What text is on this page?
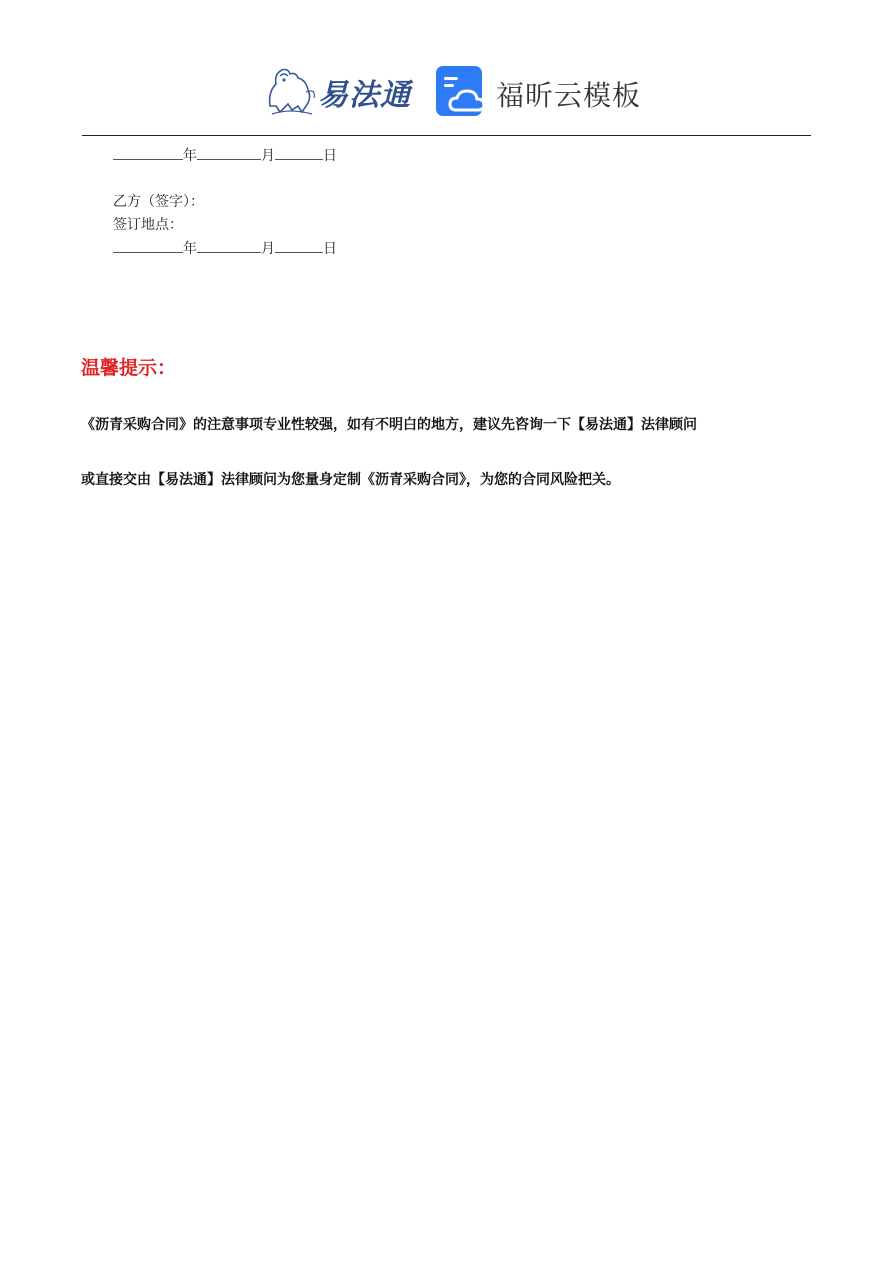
易法通	福昕云模板
年	月	日
乙方（签字）：
签订地点：
年	月	日
温馨提示：
《沥青采购合同》的注意事项专业性较强，如有不明白的地方，建议先咨询一下【易法通】法律顾问
或直接交由【易法通】法律顾问为您量身定制《沥青采购合同》，为您的合同风险把关。
